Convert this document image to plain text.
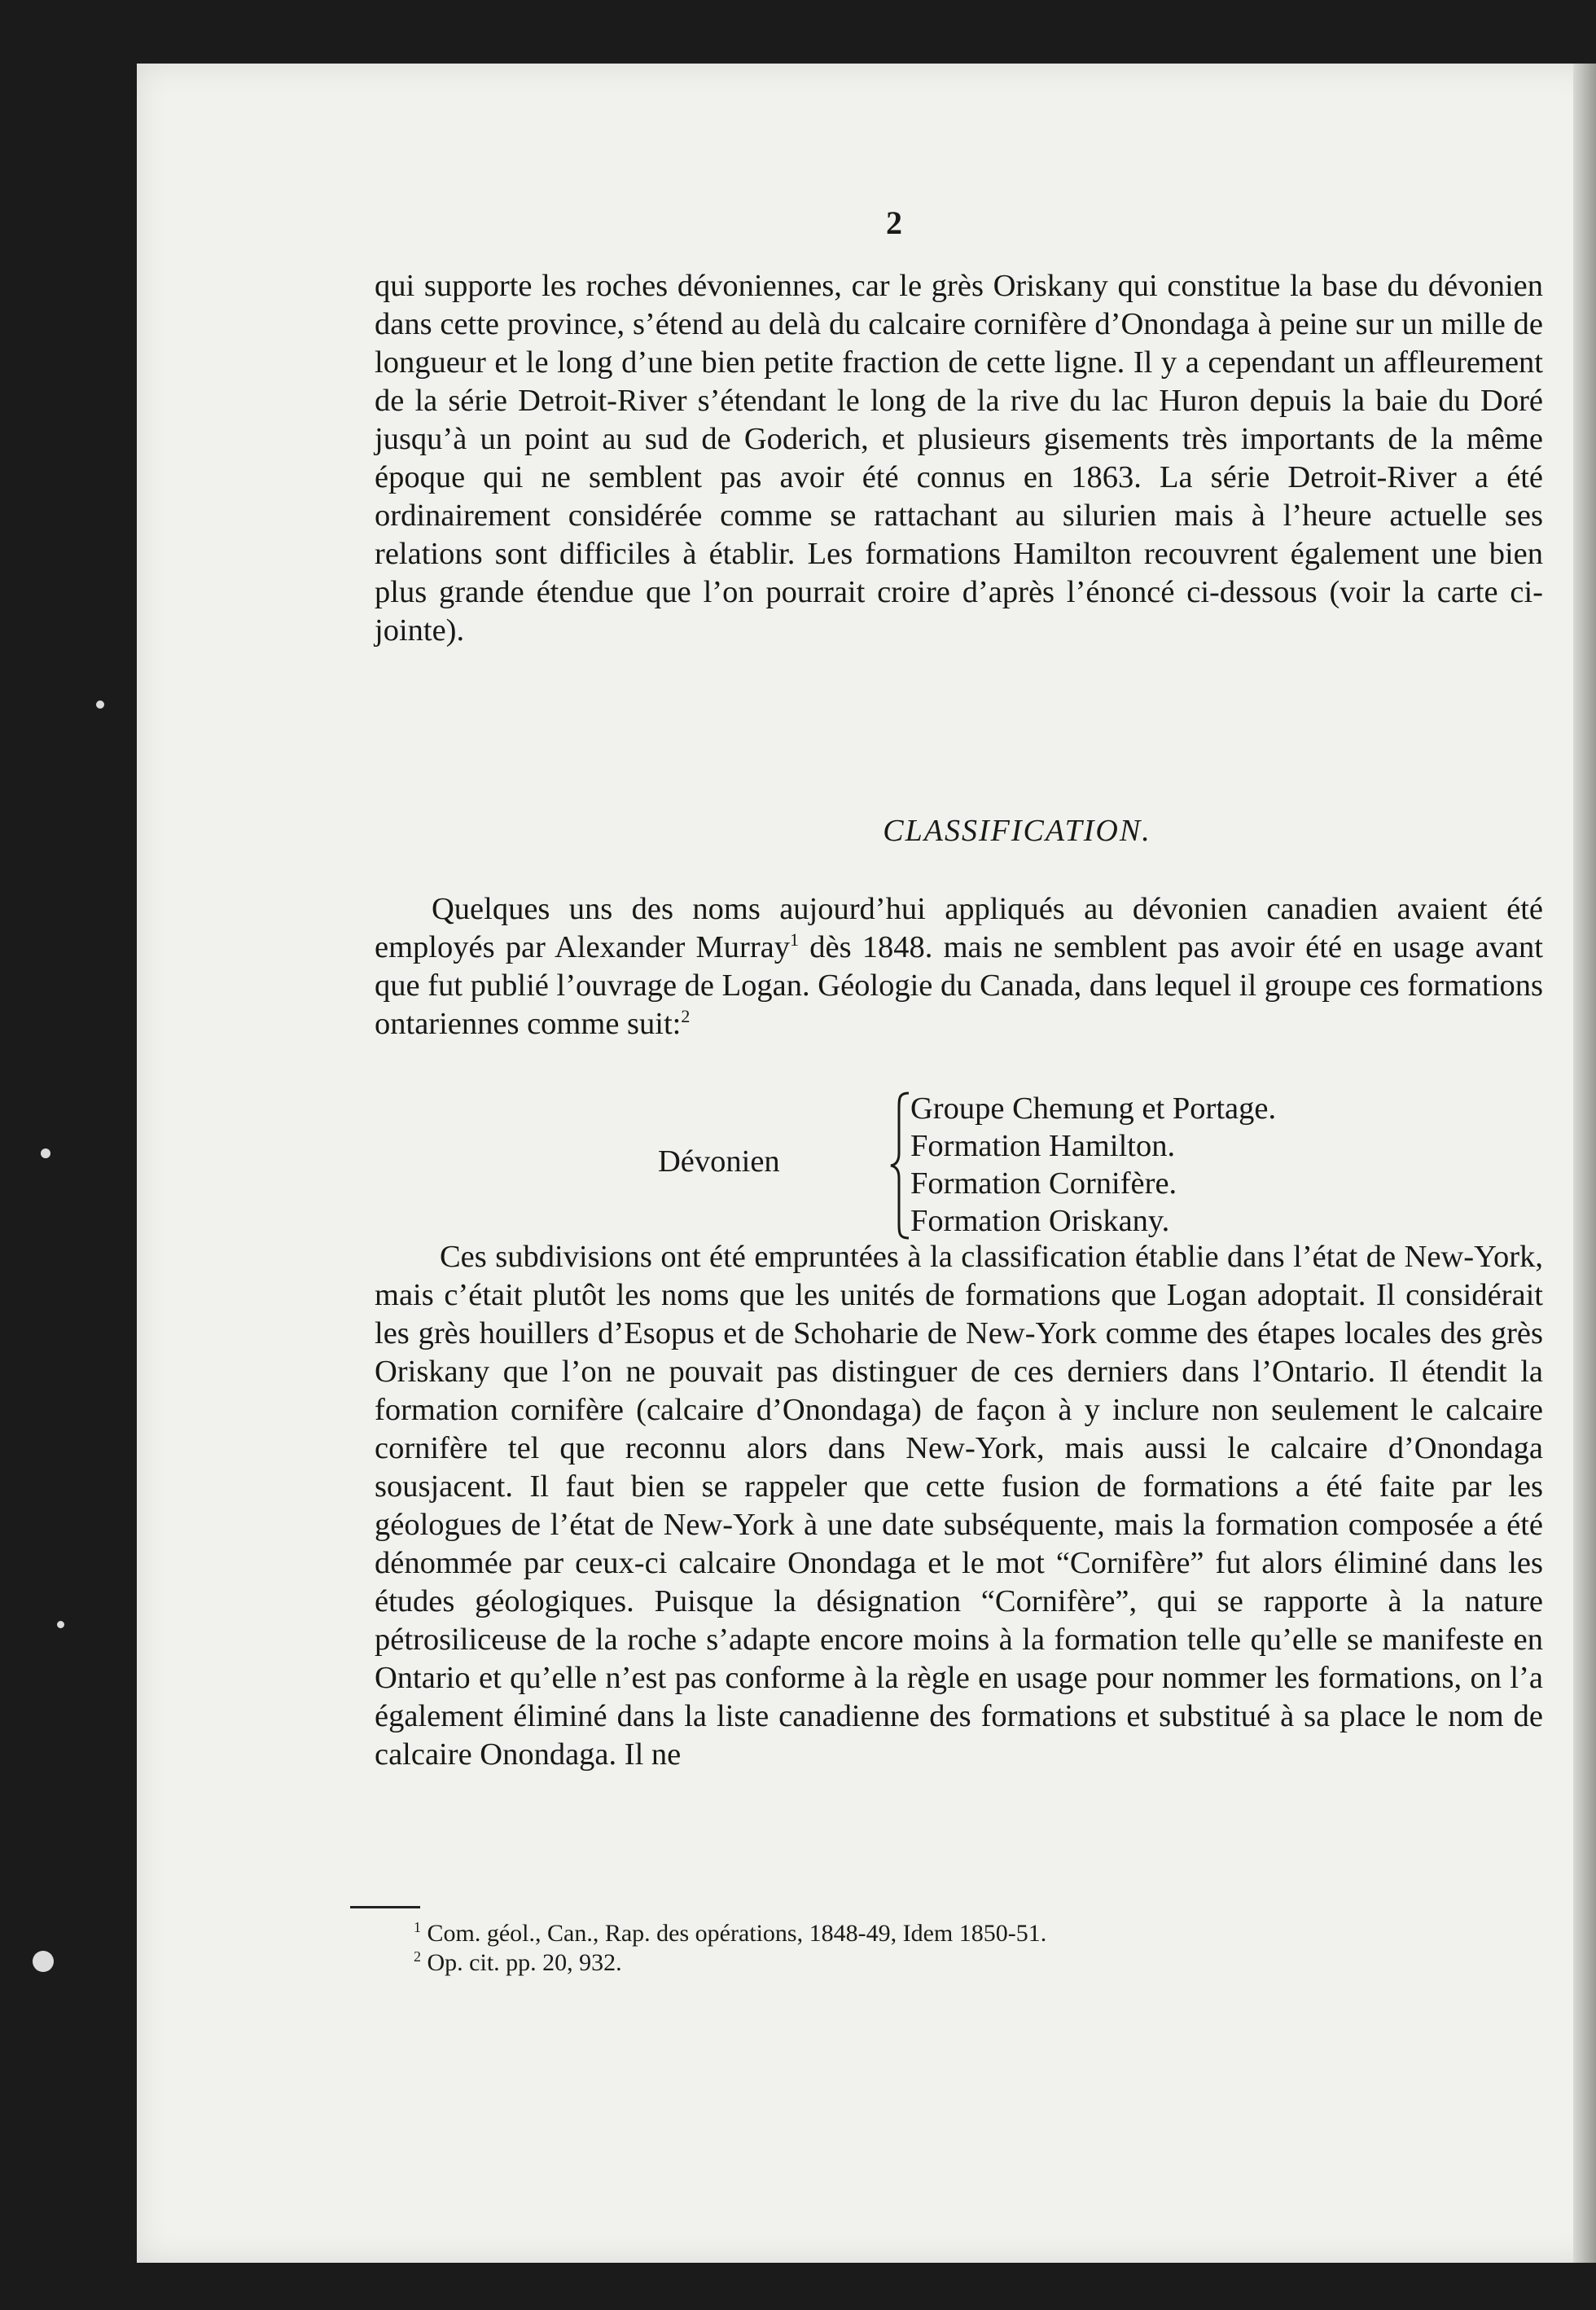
2

qui supporte les roches dévoniennes, car le grès Oriskany qui constitue la base du dévonien dans cette province, s’étend au delà du calcaire cornifère d’Onondaga à peine sur un mille de longueur et le long d’une bien petite fraction de cette ligne. Il y a cependant un affleurement de la série Detroit-River s’étendant le long de la rive du lac Huron depuis la baie du Doré jusqu’à un point au sud de Goderich, et plusieurs gisements très importants de la même époque qui ne semblent pas avoir été connus en 1863. La série Detroit-River a été ordinairement considérée comme se rattachant au silurien mais à l’heure actuelle ses relations sont difficiles à établir. Les formations Hamilton recouvrent également une bien plus grande étendue que l’on pourrait croire d’après l’énoncé ci-dessous (voir la carte ci-jointe).

CLASSIFICATION.

Quelques uns des noms aujourd’hui appliqués au dévonien canadien avaient été employés par Alexander Murray$^1$ dès 1848. mais ne semblent pas avoir été en usage avant que fut publié l’ouvrage de Logan. Géologie du Canada, dans lequel il groupe ces formations ontariennes comme suit:$^2$

Dévonien
Groupe Chemung et Portage.
Formation Hamilton.
Formation Cornifère.
Formation Oriskany.

Ces subdivisions ont été empruntées à la classification établie dans l’état de New-York, mais c’était plutôt les noms que les unités de formations que Logan adoptait. Il considérait les grès houillers d’Esopus et de Schoharie de New-York comme des étapes locales des grès Oriskany que l’on ne pouvait pas distinguer de ces derniers dans l’Ontario. Il étendit la formation cornifère (calcaire d’Onondaga) de façon à y inclure non seulement le calcaire cornifère tel que reconnu alors dans New-York, mais aussi le calcaire d’Onondaga sousjacent. Il faut bien se rappeler que cette fusion de formations a été faite par les géologues de l’état de New-York à une date subséquente, mais la formation composée a été dénommée par ceux-ci calcaire Onondaga et le mot “Cornifère” fut alors éliminé dans les études géologiques. Puisque la désignation “Cornifère”, qui se rapporte à la nature pétrosiliceuse de la roche s’adapte encore moins à la formation telle qu’elle se manifeste en Ontario et qu’elle n’est pas conforme à la règle en usage pour nommer les formations, on l’a également éliminé dans la liste canadienne des formations et substitué à sa place le nom de calcaire Onondaga. Il ne

$^1$ Com. géol., Can., Rap. des opérations, 1848-49, Idem 1850-51.
$^2$ Op. cit. pp. 20, 932.
